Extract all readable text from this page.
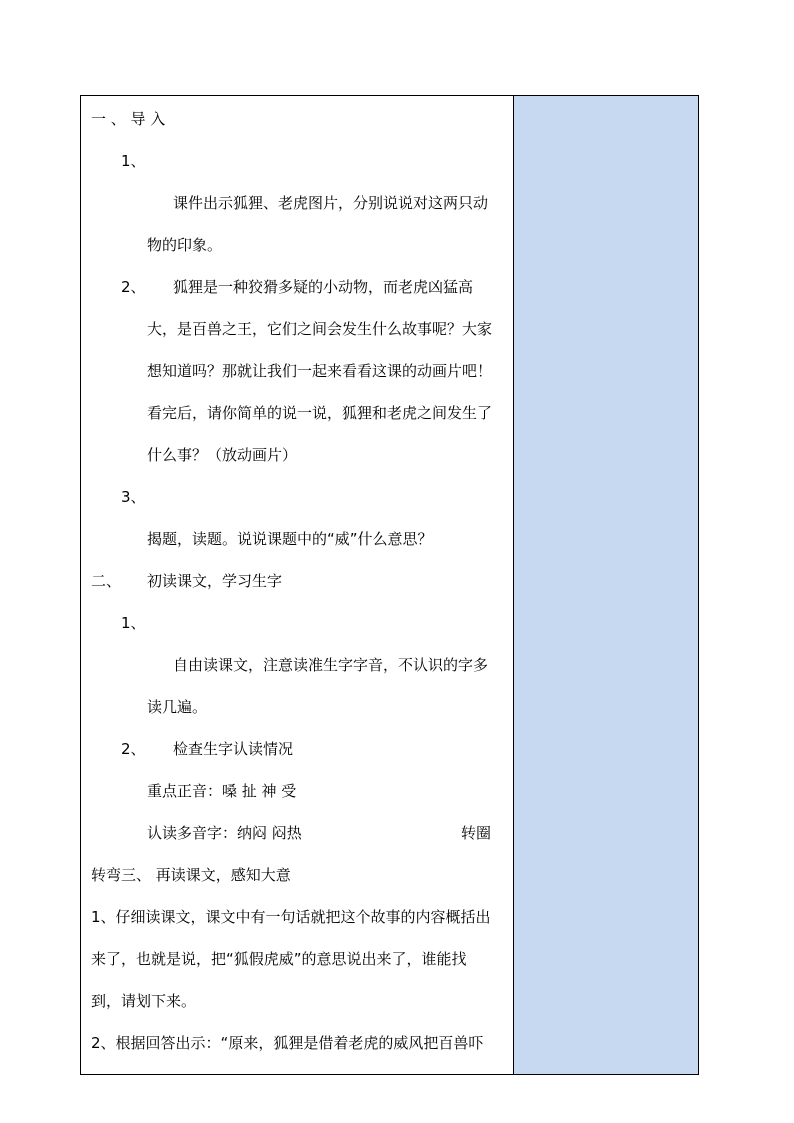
一 、 导 入
1、
课件出示狐狸、老虎图片，分别说说对这两只动
物的印象。
2、 狐狸是一种狡猾多疑的小动物，而老虎凶猛高
大，是百兽之王，它们之间会发生什么故事呢？大家
想知道吗？那就让我们一起来看看这课的动画片吧！
看完后，请你简单的说一说，狐狸和老虎之间发生了
什么事？（放动画片）
3、
揭题，读题。说说课题中的“威”什么意思？
二、 初读课文，学习生字
1、
自由读课文，注意读准生字字音，不认识的字多
读几遍。
2、 检查生字认读情况
重点正音：嗓 扯 神 受
认读多音字：纳闷 闷热	转圈
转弯三、 再读课文，感知大意
1、仔细读课文，课文中有一句话就把这个故事的内容概括出
来了，也就是说，把“狐假虎威”的意思说出来了，谁能找
到，请划下来。
2、根据回答出示：“原来，狐狸是借着老虎的威风把百兽吓
